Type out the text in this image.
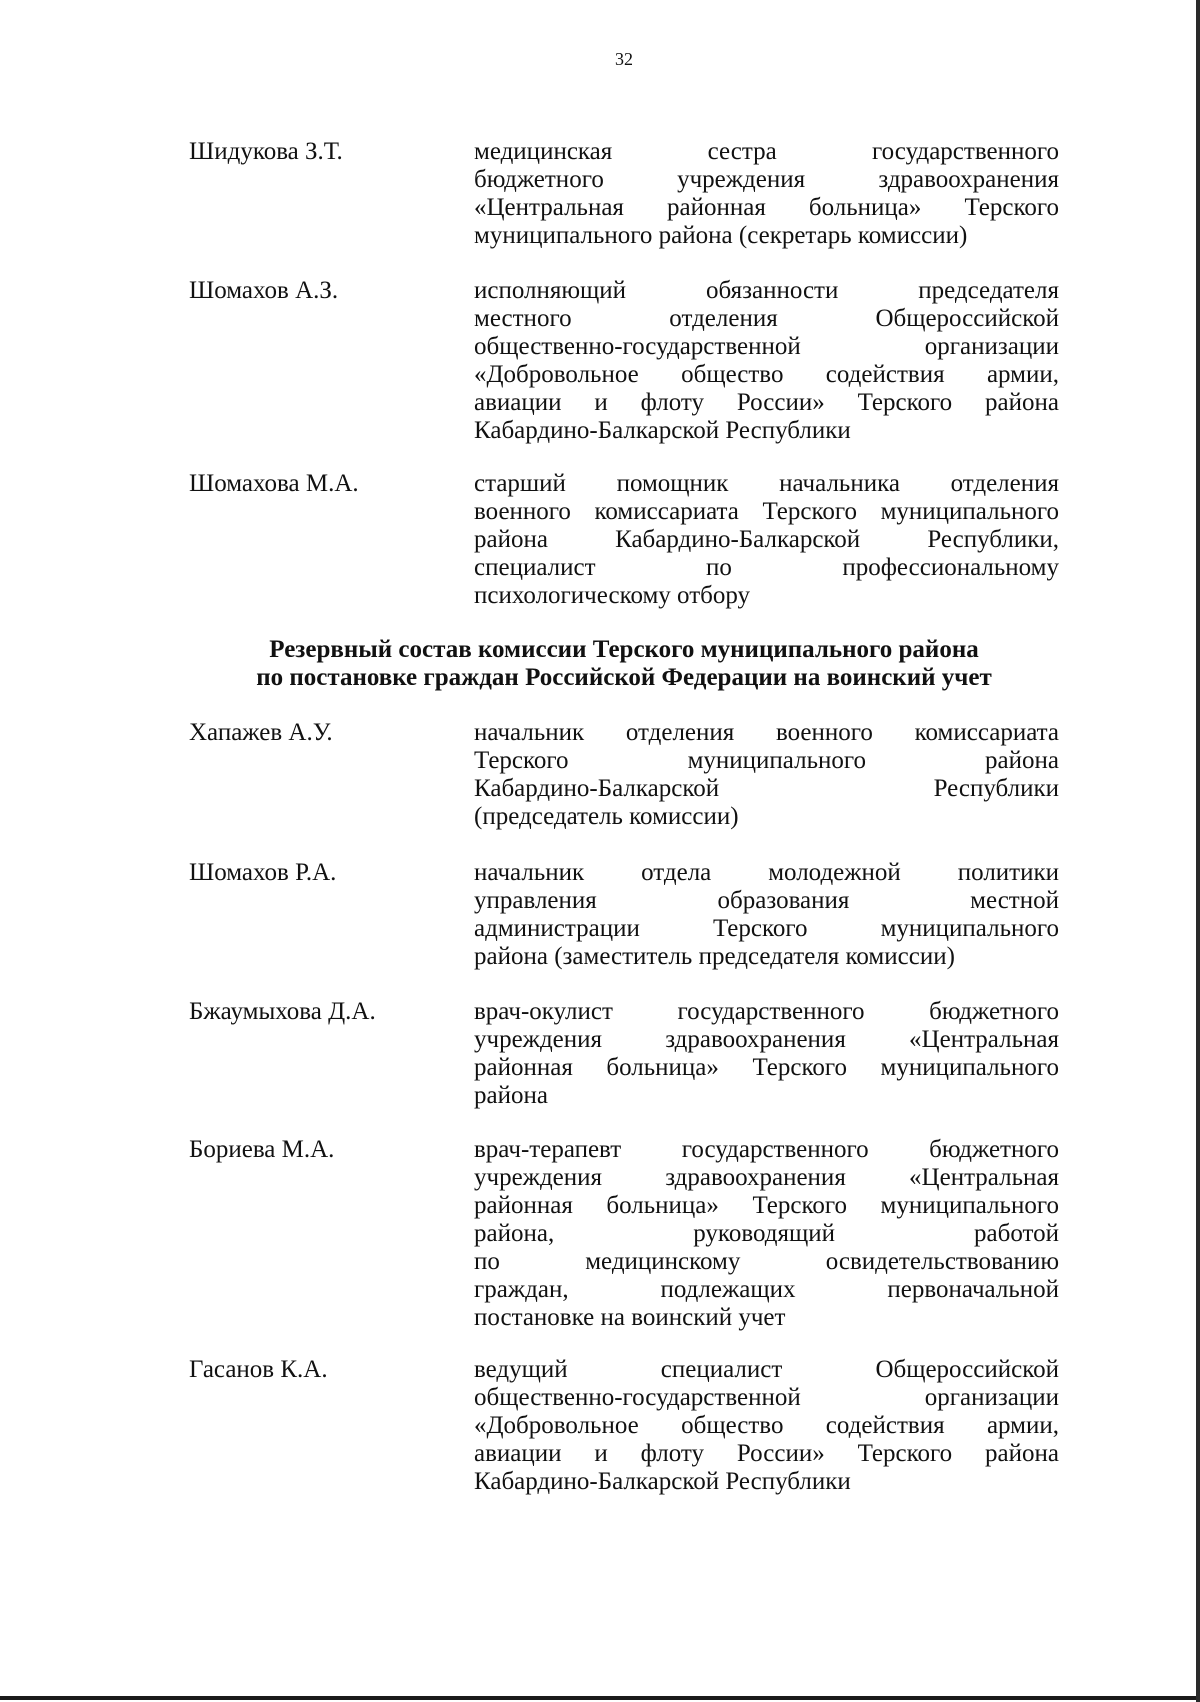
32
Шидукова З.Т.	медицинская	сестра	государственного
бюджетного	учреждения	здравоохранения
«Центральная районная больница» Терского
муниципального района (секретарь комиссии)
Шомахов А.З.	исполняющий	обязанности	председателя
местного	отделения	Общероссийской
общественно-государственной	организации
«Добровольное общество содействия армии,
авиации и флоту России» Терского района
Кабардино-Балкарской Республики
Шомахова М.А.	старший помощник начальника отделения
военного комиссариата Терского муниципального
района	Кабардино-Балкарской	Республики,
специалист	по	профессиональному
психологическому отбору
Резервный состав комиссии Терского муниципального района
по постановке граждан Российской Федерации на воинский учет
Хапажев А.У.	начальник отделения военного комиссариата
Терского	муниципального	района
Кабардино-Балкарской	Республики
(председатель комиссии)
Шомахов Р.А.	начальник отдела молодежной политики
управления	образования	местной
администрации	Терского	муниципального
района (заместитель председателя комиссии)
Бжаумыхова Д.А.	врач-окулист	государственного	бюджетного
учреждения	здравоохранения	«Центральная
районная больница» Терского муниципального
района
Бориева М.А.	врач-терапевт государственного бюджетного
учреждения	здравоохранения	«Центральная
районная больница» Терского муниципального
района,	руководящий	работой
по	медицинскому	освидетельствованию
граждан,	подлежащих	первоначальной
постановке на воинский учет
Гасанов К.А.	ведущий	специалист	Общероссийской
общественно-государственной	организации
«Добровольное общество содействия армии,
авиации и флоту России» Терского района
Кабардино-Балкарской Республики
